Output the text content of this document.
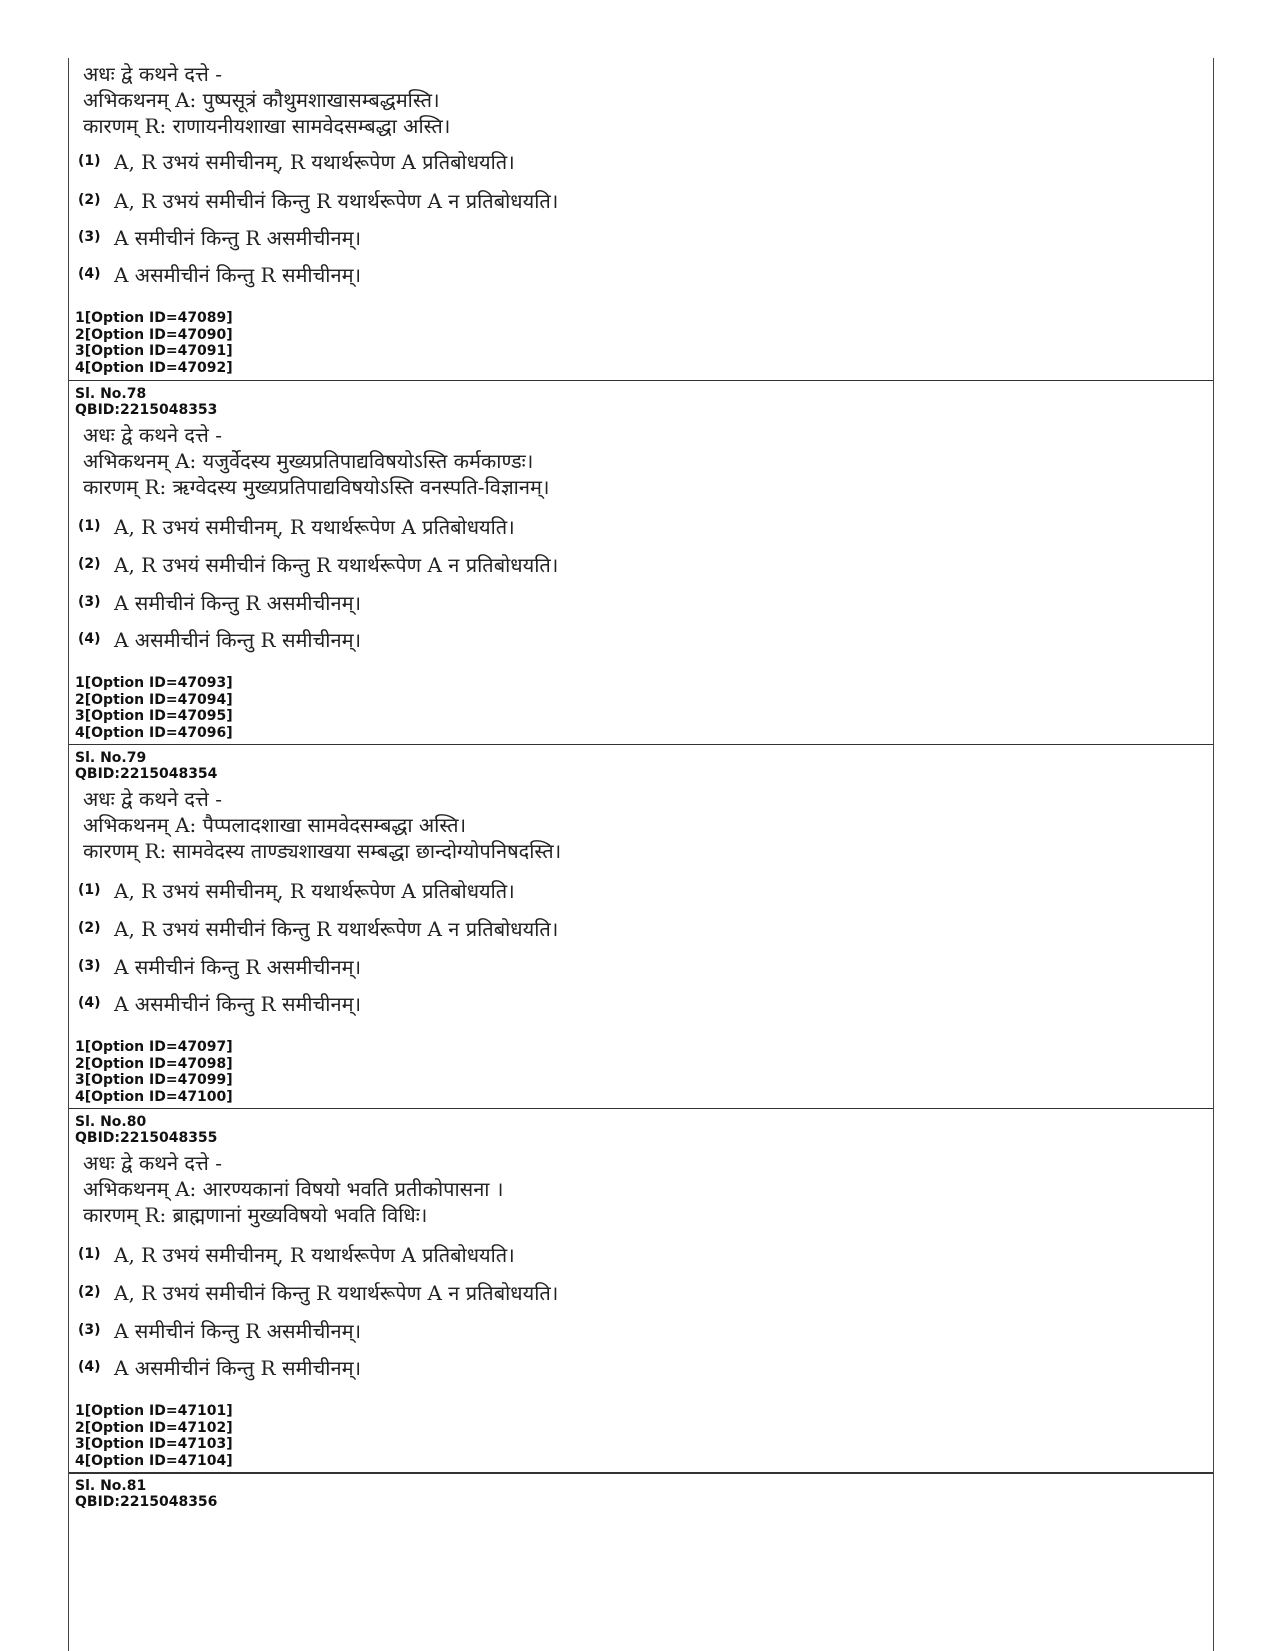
अधः द्वे कथने दत्ते -
अभिकथनम् A: पुष्पसूत्रं कौथुमशाखासम्बद्धमस्ति।
कारणम् R: राणायनीयशाखा सामवेदसम्बद्धा अस्ति।
(1) A, R उभयं समीचीनम्, R यथार्थरूपेण A प्रतिबोधयति।
(2) A, R उभयं समीचीनं किन्तु R यथार्थरूपेण A न प्रतिबोधयति।
(3) A समीचीनं किन्तु R असमीचीनम्।
(4) A असमीचीनं किन्तु R समीचीनम्।
1[Option ID=47089]
2[Option ID=47090]
3[Option ID=47091]
4[Option ID=47092]
Sl. No.78
QBID:2215048353
अधः द्वे कथने दत्ते -
अभिकथनम् A: यजुर्वेदस्य मुख्यप्रतिपाद्यविषयोऽस्ति कर्मकाण्डः।
कारणम् R: ऋग्वेदस्य मुख्यप्रतिपाद्यविषयोऽस्ति वनस्पति-विज्ञानम्।
(1) A, R उभयं समीचीनम्, R यथार्थरूपेण A प्रतिबोधयति।
(2) A, R उभयं समीचीनं किन्तु R यथार्थरूपेण A न प्रतिबोधयति।
(3) A समीचीनं किन्तु R असमीचीनम्।
(4) A असमीचीनं किन्तु R समीचीनम्।
1[Option ID=47093]
2[Option ID=47094]
3[Option ID=47095]
4[Option ID=47096]
Sl. No.79
QBID:2215048354
अधः द्वे कथने दत्ते -
अभिकथनम् A: पैप्पलादशाखा सामवेदसम्बद्धा अस्ति।
कारणम् R: सामवेदस्य ताण्ड्यशाखया सम्बद्धा छान्दोग्योपनिषदस्ति।
(1) A, R उभयं समीचीनम्, R यथार्थरूपेण A प्रतिबोधयति।
(2) A, R उभयं समीचीनं किन्तु R यथार्थरूपेण A न प्रतिबोधयति।
(3) A समीचीनं किन्तु R असमीचीनम्।
(4) A असमीचीनं किन्तु R समीचीनम्।
1[Option ID=47097]
2[Option ID=47098]
3[Option ID=47099]
4[Option ID=47100]
Sl. No.80
QBID:2215048355
अधः द्वे कथने दत्ते -
अभिकथनम् A: आरण्यकानां विषयो भवति प्रतीकोपासना ।
कारणम् R: ब्राह्मणानां मुख्यविषयो भवति विधिः।
(1) A, R उभयं समीचीनम्, R यथार्थरूपेण A प्रतिबोधयति।
(2) A, R उभयं समीचीनं किन्तु R यथार्थरूपेण A न प्रतिबोधयति।
(3) A समीचीनं किन्तु R असमीचीनम्।
(4) A असमीचीनं किन्तु R समीचीनम्।
1[Option ID=47101]
2[Option ID=47102]
3[Option ID=47103]
4[Option ID=47104]
Sl. No.81
QBID:2215048356
